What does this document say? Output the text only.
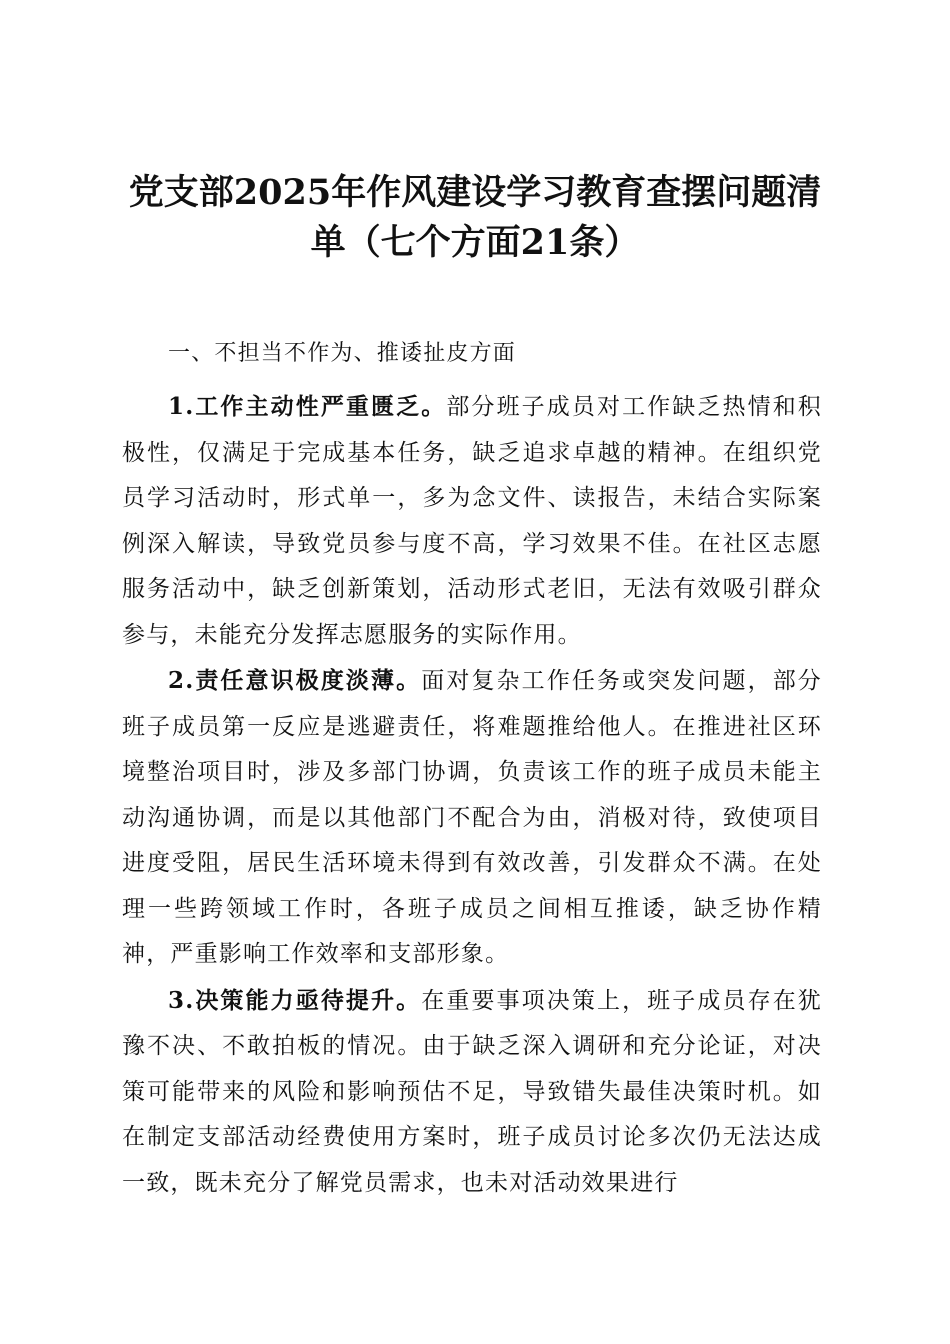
党支部2025年作风建设学习教育查摆问题清
单（七个方面21条）

一、不担当不作为、推诿扯皮方面

1.工作主动性严重匮乏。部分班子成员对工作缺乏热情和积极性，仅满足于完成基本任务，缺乏追求卓越的精神。在组织党员学习活动时，形式单一，多为念文件、读报告，未结合实际案例深入解读，导致党员参与度不高，学习效果不佳。在社区志愿服务活动中，缺乏创新策划，活动形式老旧，无法有效吸引群众参与，未能充分发挥志愿服务的实际作用。

2.责任意识极度淡薄。面对复杂工作任务或突发问题，部分班子成员第一反应是逃避责任，将难题推给他人。在推进社区环境整治项目时，涉及多部门协调，负责该工作的班子成员未能主动沟通协调，而是以其他部门不配合为由，消极对待，致使项目进度受阻，居民生活环境未得到有效改善，引发群众不满。在处理一些跨领域工作时，各班子成员之间相互推诿，缺乏协作精神，严重影响工作效率和支部形象。

3.决策能力亟待提升。在重要事项决策上，班子成员存在犹豫不决、不敢拍板的情况。由于缺乏深入调研和充分论证，对决策可能带来的风险和影响预估不足，导致错失最佳决策时机。如在制定支部活动经费使用方案时，班子成员讨论多次仍无法达成一致，既未充分了解党员需求，也未对活动效果进行
